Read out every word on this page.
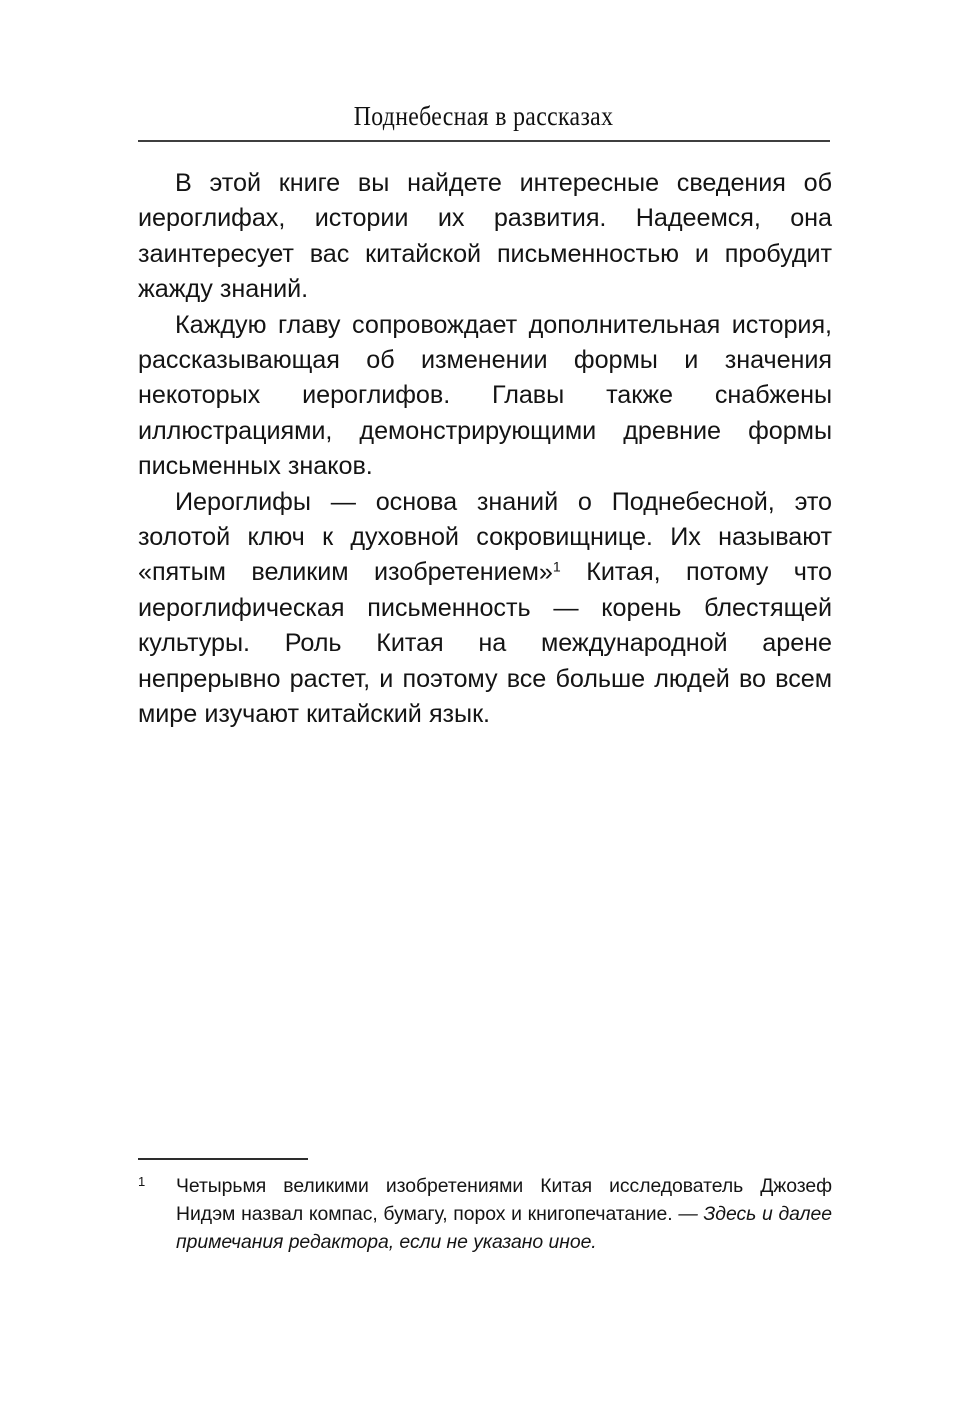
Поднебесная в рассказах

В этой книге вы найдете интересные сведения об иероглифах, истории их развития. Надеемся, она заинтересует вас китайской письменностью и пробудит жажду знаний.

Каждую главу сопровождает дополнительная история, рассказывающая об изменении формы и значения некоторых иероглифов. Главы также снабжены иллюстрациями, демонстрирующими древние формы письменных знаков.

Иероглифы — основа знаний о Поднебесной, это золотой ключ к духовной сокровищнице. Их называют «пятым великим изобретением»$^1$ Китая, потому что иероглифическая письменность — корень блестящей культуры. Роль Китая на международной арене непрерывно растет, и поэтому все больше людей во всем мире изучают китайский язык.

1 Четырьмя великими изобретениями Китая исследователь Джозеф Нидэм назвал компас, бумагу, порох и книгопечатание. — Здесь и далее примечания редактора, если не указано иное.
